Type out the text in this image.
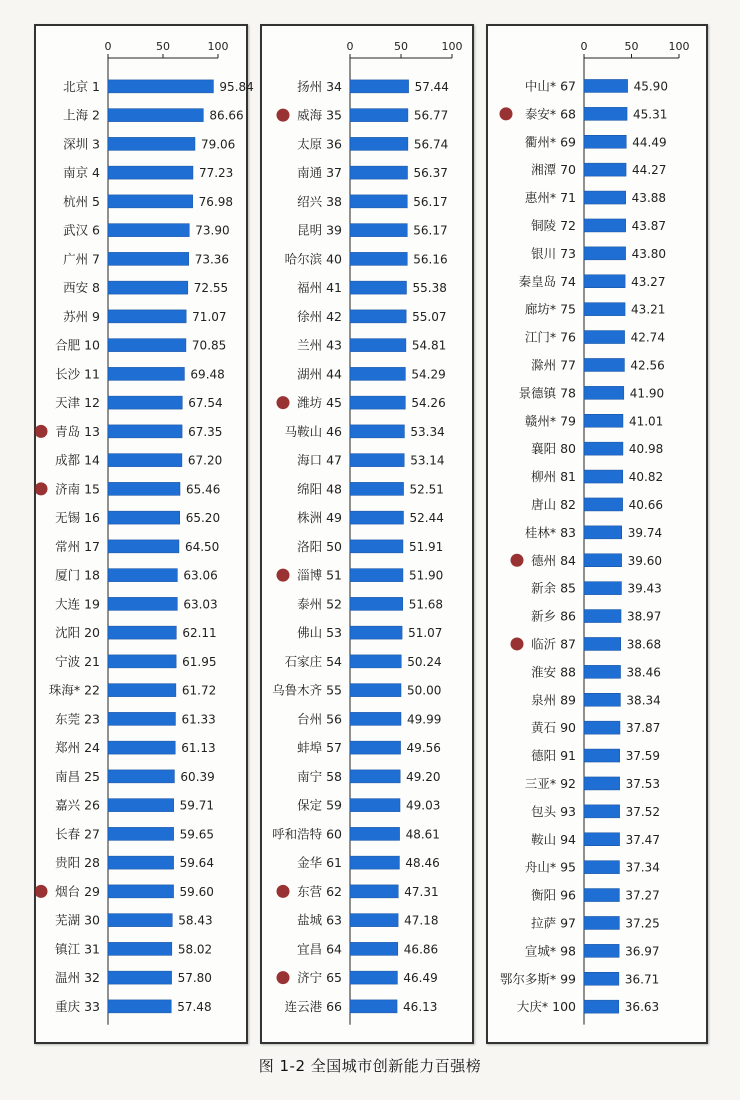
0	50	100
北京 1	95.84
上海 2	86.66
深圳 3	79.06
南京 4	77.23
杭州 5	76.98
武汉 6	73.90
广州 7	73.36
西安 8	72.55
苏州 9	71.07
合肥 10	70.85
长沙 11	69.48
天津 12	67.54
青岛 13	67.35
成都 14	67.20
济南 15	65.46
无锡 16	65.20
常州 17	64.50
厦门 18	63.06
大连 19	63.03
沈阳 20	62.11
宁波 21	61.95
珠海* 22	61.72
东莞 23	61.33
郑州 24	61.13
南昌 25	60.39
嘉兴 26	59.71
长春 27	59.65
贵阳 28	59.64
烟台 29	59.60
芜湖 30	58.43
镇江 31	58.02
温州 32	57.80
重庆 33	57.48
0	50	100
扬州 34	57.44
威海 35	56.77
太原 36	56.74
南通 37	56.37
绍兴 38	56.17
昆明 39	56.17
哈尔滨 40	56.16
福州 41	55.38
徐州 42	55.07
兰州 43	54.81
湖州 44	54.29
潍坊 45	54.26
马鞍山 46	53.34
海口 47	53.14
绵阳 48	52.51
株洲 49	52.44
洛阳 50	51.91
淄博 51	51.90
泰州 52	51.68
佛山 53	51.07
石家庄 54	50.24
乌鲁木齐 55	50.00
台州 56	49.99
蚌埠 57	49.56
南宁 58	49.20
保定 59	49.03
呼和浩特 60	48.61
金华 61	48.46
东营 62	47.31
盐城 63	47.18
宜昌 64	46.86
济宁 65	46.49
连云港 66	46.13
0	50	100
中山* 67	45.90
泰安* 68	45.31
衢州* 69	44.49
湘潭 70	44.27
惠州* 71	43.88
铜陵 72	43.87
银川 73	43.80
秦皇岛 74	43.27
廊坊* 75	43.21
江门* 76	42.74
滁州 77	42.56
景德镇 78	41.90
赣州* 79	41.01
襄阳 80	40.98
柳州 81	40.82
唐山 82	40.66
桂林* 83	39.74
德州 84	39.60
新余 85	39.43
新乡 86	38.97
临沂 87	38.68
淮安 88	38.46
泉州 89	38.34
黄石 90	37.87
德阳 91	37.59
三亚* 92	37.53
包头 93	37.52
鞍山 94	37.47
舟山* 95	37.34
衡阳 96	37.27
拉萨 97	37.25
宣城* 98	36.97
鄂尔多斯* 99	36.71
大庆* 100	36.63
图 1-2 全国城市创新能力百强榜
